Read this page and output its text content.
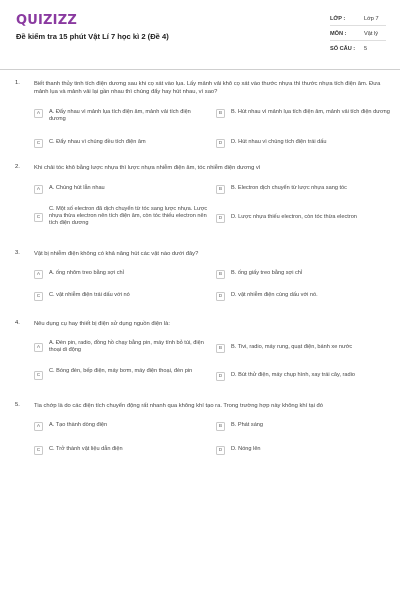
QUIZIZZ
Đề kiểm tra 15 phút Vật Lí 7 học kì 2 (Đề 4)
LỚP :	Lớp 7
MÔN :	Vật lý
SỐ CÂU : 5
1. Biết thanh thủy tinh tích điện dương sau khi cọ xát vào lụa. Lấy mảnh vải khô cọ xát vào thước nhựa thì thước nhựa tích điện âm. Đưa mảnh lụa và mảnh vải lại gần nhau thì chúng đẩy hay hút nhau, vì sao?
A	A. Đẩy nhau vì mảnh lụa tích điện âm, mảnh vải tích điện dương
B	B. Hút nhau vì mảnh lụa tích điện âm, mảnh vải tích điện dương
C	C. Đẩy nhau vì chúng đều tích điện âm	D	D. Hút nhau vì chúng tích điện trái dấu
2. Khi chải tóc khô bằng lược nhựa thì lược nhựa nhiễm điện âm, tóc nhiễm điện dương vì
A	A. Chúng hút lẫn nhau	B	B. Electron dịch chuyển từ lược nhựa sang tóc
C
C. Một số electron đã dịch chuyển từ tóc sang lược nhựa. Lược nhựa thừa electron nên tích điện âm, còn tóc thiếu electron nên tích điện dương
D	D. Lược nhựa thiếu electron, còn tóc thừa electron
3. Vật bị nhiễm điện không có khả năng hút các vật nào dưới đây?
A	A. ống nhôm treo bằng sợi chỉ	B	B. ống giấy treo bằng sợi chỉ
C	C. vật nhiễm điện trái dấu với nó	D	D. vật nhiễm điện cùng dấu với nó.
4. Nêu dụng cụ hay thiết bị điện sử dụng nguồn điện là:
A
A. Đèn pin, radio, đồng hồ chạy bằng pin, máy tính bỏ túi, điện thoại di động	B	B. Tivi, radio, máy rung, quạt điện, bánh xe nước
C
C. Bóng đèn, bếp điện, máy bơm, máy điện thoại, đèn pin
D	D. Bút thử điện, máy chụp hình, xay trái cây, radio
5. Tia chớp là do các điện tích chuyển động rất nhanh qua không khí tạo ra. Trong trường hợp này không khí tại đó
A	A. Tạo thành dòng điện	B	B. Phát sáng
C	C. Trở thành vật liệu dẫn điện	D	D. Nóng lên
